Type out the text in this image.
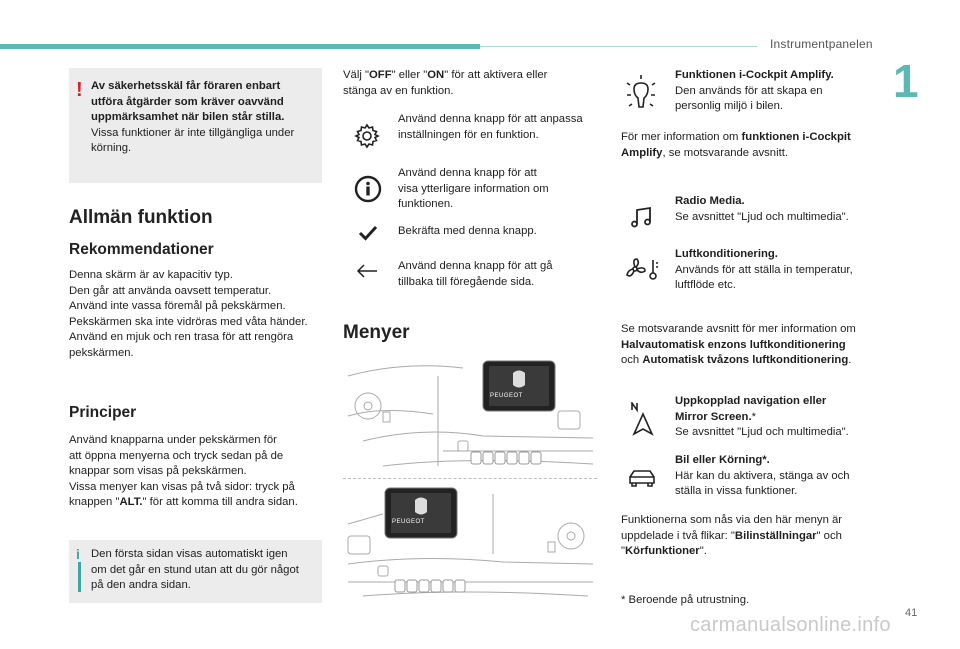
Instrumentpanelen
1
! Av säkerhetsskäl får föraren enbart
utföra åtgärder som kräver oavvänd
uppmärksamhet när bilen står stilla.
Vissa funktioner är inte tillgängliga under
körning.
Allmän funktion
Rekommendationer
Denna skärm är av kapacitiv typ.
Den går att använda oavsett temperatur.
Använd inte vassa föremål på pekskärmen.
Pekskärmen ska inte vidröras med våta händer.
Använd en mjuk och ren trasa för att rengöra
pekskärmen.
Principer
Använd knapparna under pekskärmen för
att öppna menyerna och tryck sedan på de
knappar som visas på pekskärmen.
Vissa menyer kan visas på två sidor: tryck på
knappen "ALT." för att komma till andra sidan.
i Den första sidan visas automatiskt igen
om det går en stund utan att du gör något
på den andra sidan.
Välj "OFF" eller "ON" för att aktivera eller
stänga av en funktion.
Använd denna knapp för att anpassa
inställningen för en funktion.
Använd denna knapp för att
visa ytterligare information om
funktionen.
Bekräfta med denna knapp.
Använd denna knapp för att gå
tillbaka till föregående sida.
Menyer
PEUGEOT
PEUGEOT
Funktionen i-Cockpit Amplify.
Den används för att skapa en
personlig miljö i bilen.
För mer information om funktionen i-Cockpit
Amplify, se motsvarande avsnitt.
Radio Media.
Se avsnittet "Ljud och multimedia".
Luftkonditionering.
Används för att ställa in temperatur,
luftflöde etc.
Se motsvarande avsnitt för mer information om
Halvautomatisk enzons luftkonditionering
och Automatisk tvåzons luftkonditionering.
Uppkopplad navigation eller
Mirror Screen.*
Se avsnittet "Ljud och multimedia".
Bil eller Körning*.
Här kan du aktivera, stänga av och
ställa in vissa funktioner.
Funktionerna som nås via den här menyn är
uppdelade i två flikar: "Bilinställningar" och
"Körfunktioner".
* Beroende på utrustning.
41
carmanualsonline.info
